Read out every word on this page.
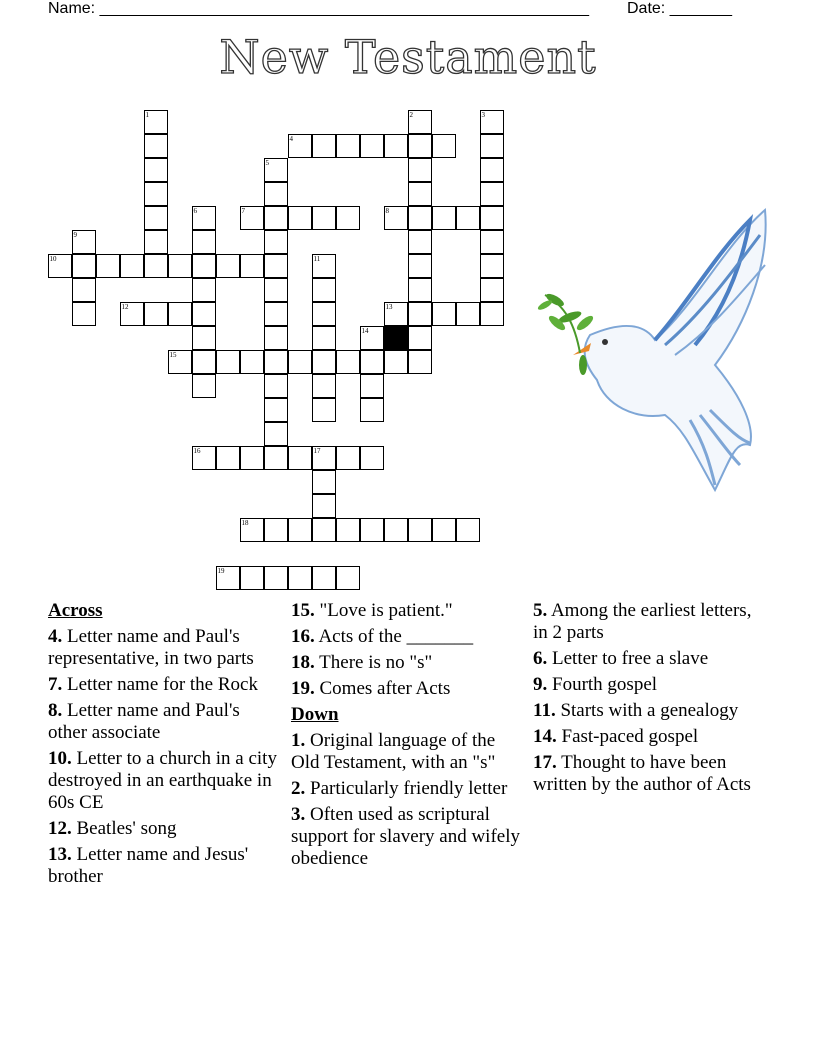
Name: _______________________________________________________ Date: _______
New Testament
1	2	3
4
5
6	7	8
9
10	11
12	13
14
15
16	17
18
19
Across
4. Letter name and Paul's representative, in two parts
7. Letter name for the Rock
8. Letter name and Paul's other associate
10. Letter to a church in a city destroyed in an earthquake in 60s CE
12. Beatles' song
13. Letter name and Jesus' brother
15. "Love is patient."
16. Acts of the _______
18. There is no "s"
19. Comes after Acts
Down
1. Original language of the Old Testament, with an "s"
2. Particularly friendly letter
3. Often used as scriptural support for slavery and wifely obedience
5. Among the earliest letters, in 2 parts
6. Letter to free a slave
9. Fourth gospel
11. Starts with a genealogy
14. Fast-paced gospel
17. Thought to have been written by the author of Acts
